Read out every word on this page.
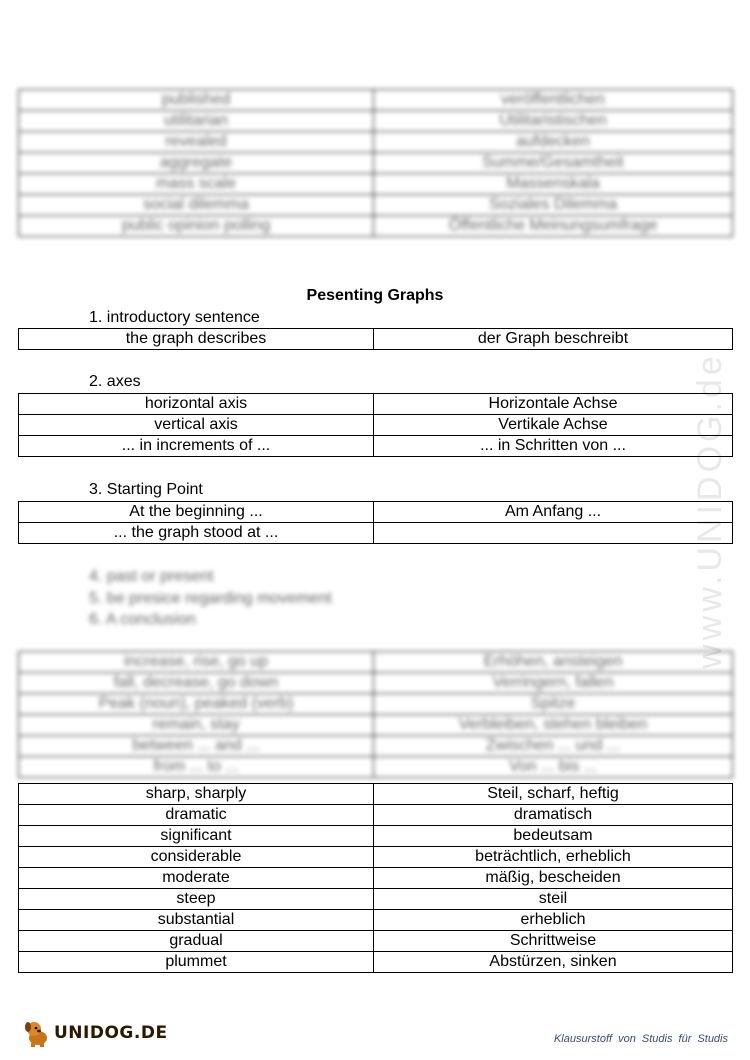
www.UNIDOG.de
published	veröffentlichen
utilitarian	Utilitaristischen
revealed	aufdecken
aggregate	Summe/Gesamtheit
mass scale	Massenskala
social dilemma	Soziales Dilemma
public opinion polling	Öffentliche Meinungsumfrage
Pesenting Graphs
1. introductory sentence
the graph describes	der Graph beschreibt
2. axes
horizontal axis	Horizontale Achse
vertical axis	Vertikale Achse
... in increments of ...	... in Schritten von ...
3. Starting Point
At the beginning ...	Am Anfang ...
... the graph stood at ...	
4. past or present
5. be presice regarding movement
6. A conclusion
increase, rise, go up	Erhöhen, ansteigen
fall, decrease, go down	Verringern, fallen
Peak (noun), peaked (verb)	Spitze
remain, stay	Verbleiben, stehen bleiben
between ... and ...	Zwischen ... und ...
from ... to ...	Von ... bis ...
sharp, sharply	Steil, scharf, heftig
dramatic	dramatisch
significant	bedeutsam
considerable	beträchtlich, erheblich
moderate	mäßig, bescheiden
steep	steil
substantial	erheblich
gradual	Schrittweise
plummet	Abstürzen, sinken
UNIDOG.DE	Klausurstoff von Studis für Studis
